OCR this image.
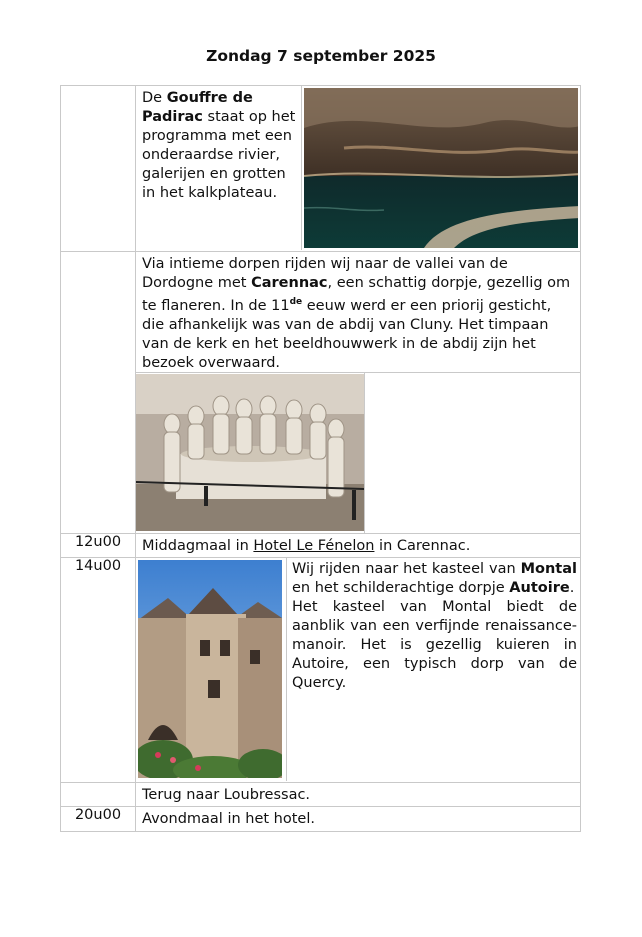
Zondag 7 september 2025

	De Gouffre de Padirac staat op het programma met een onderaardse rivier, galerijen en grotten in het kalkplateau.

	Via intieme dorpen rijden wij naar de vallei van de Dordogne met Carennac, een schattig dorpje, gezellig om te flaneren. In de 11de eeuw werd er een priorij gesticht, die afhankelijk was van de abdij van Cluny. Het timpaan van de kerk en het beeldhouwwerk in de abdij zijn het bezoek overwaard.

12u00	Middagmaal in Hotel Le Fénelon in Carennac.

14u00	Wij rijden naar het kasteel van Montal en het schilderachtige dorpje Autoire.
Het kasteel van Montal biedt de aanblik van een verfijnde renaissance-manoir. Het is gezellig kuieren in Autoire, een typisch dorp van de Quercy.

	Terug naar Loubressac.

20u00	Avondmaal in het hotel.
